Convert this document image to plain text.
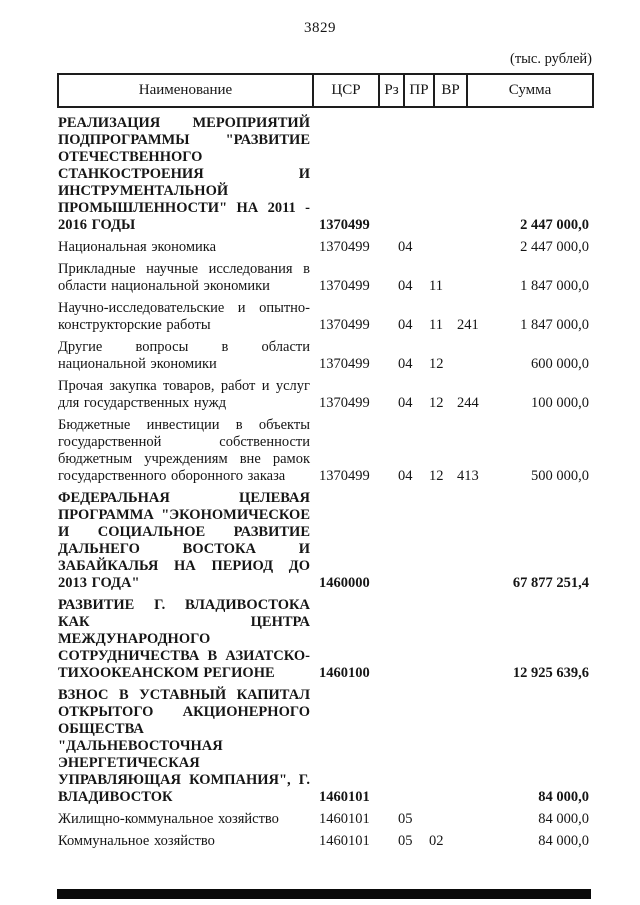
3829
(тыс. рублей)
Наименование	ЦСР	Рз	ПР	ВР	Сумма
РЕАЛИЗАЦИЯ МЕРОПРИЯТИЙ ПОДПРОГРАММЫ "РАЗВИТИЕ ОТЕЧЕСТВЕННОГО СТАНКОСТРОЕНИЯ И ИНСТРУМЕНТАЛЬНОЙ ПРОМЫШЛЕННОСТИ" НА 2011 - 2016 ГОДЫ	1370499				2 447 000,0
Национальная экономика	1370499	04			2 447 000,0
Прикладные научные исследования в области национальной экономики	1370499	04	11		1 847 000,0
Научно-исследовательские и опытно-конструкторские работы	1370499	04	11	241	1 847 000,0
Другие вопросы в области национальной экономики	1370499	04	12		600 000,0
Прочая закупка товаров, работ и услуг для государственных нужд	1370499	04	12	244	100 000,0
Бюджетные инвестиции в объекты государственной собственности бюджетным учреждениям вне рамок государственного оборонного заказа	1370499	04	12	413	500 000,0
ФЕДЕРАЛЬНАЯ ЦЕЛЕВАЯ ПРОГРАММА "ЭКОНОМИЧЕСКОЕ И СОЦИАЛЬНОЕ РАЗВИТИЕ ДАЛЬНЕГО ВОСТОКА И ЗАБАЙКАЛЬЯ НА ПЕРИОД ДО 2013 ГОДА"	1460000				67 877 251,4
РАЗВИТИЕ Г. ВЛАДИВОСТОКА КАК ЦЕНТРА МЕЖДУНАРОДНОГО СОТРУДНИЧЕСТВА В АЗИАТСКО-ТИХООКЕАНСКОМ РЕГИОНЕ	1460100				12 925 639,6
ВЗНОС В УСТАВНЫЙ КАПИТАЛ ОТКРЫТОГО АКЦИОНЕРНОГО ОБЩЕСТВА "ДАЛЬНЕВОСТОЧНАЯ ЭНЕРГЕТИЧЕСКАЯ УПРАВЛЯЮЩАЯ КОМПАНИЯ", Г. ВЛАДИВОСТОК	1460101				84 000,0
Жилищно-коммунальное хозяйство	1460101	05			84 000,0
Коммунальное хозяйство	1460101	05	02		84 000,0
